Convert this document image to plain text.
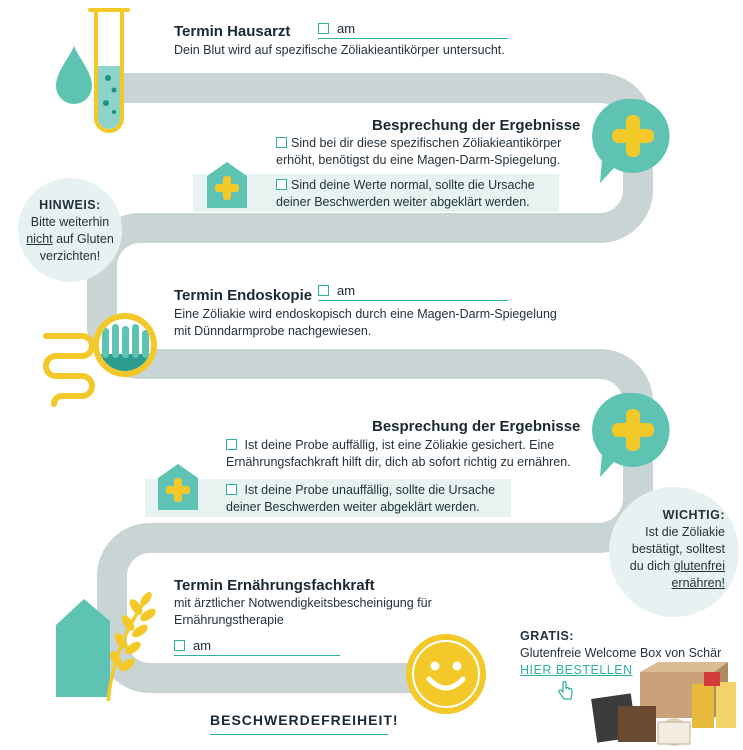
Termin Hausarzt	am
Dein Blut wird auf spezifische Zöliakieantikörper untersucht.
Besprechung der Ergebnisse
Sind bei dir diese spezifischen Zöliakieantikörper
erhöht, benötigst du eine Magen-Darm-Spiegelung.
Sind deine Werte normal, sollte die Ursache
deiner Beschwerden weiter abgeklärt werden.
HINWEIS:
Bitte weiterhin
nicht auf Gluten
verzichten!
Termin Endoskopie	am
Eine Zöliakie wird endoskopisch durch eine Magen-Darm-Spiegelung
mit Dünndarmprobe nachgewiesen.
Besprechung der Ergebnisse
Ist deine Probe auffällig, ist eine Zöliakie gesichert. Eine
Ernährungsfachkraft hilft dir, dich ab sofort richtig zu ernähren.
Ist deine Probe unauffällig, sollte die Ursache
deiner Beschwerden weiter abgeklärt werden.
WICHTIG:
Ist die Zöliakie
bestätigt, solltest
du dich glutenfrei
ernähren!
Termin Ernährungsfachkraft
mit ärztlicher Notwendigkeitsbescheinigung für
Ernährungstherapie
am
BESCHWERDEFREIHEIT!
GRATIS:
Glutenfreie Welcome Box von Schär
HIER BESTELLEN
